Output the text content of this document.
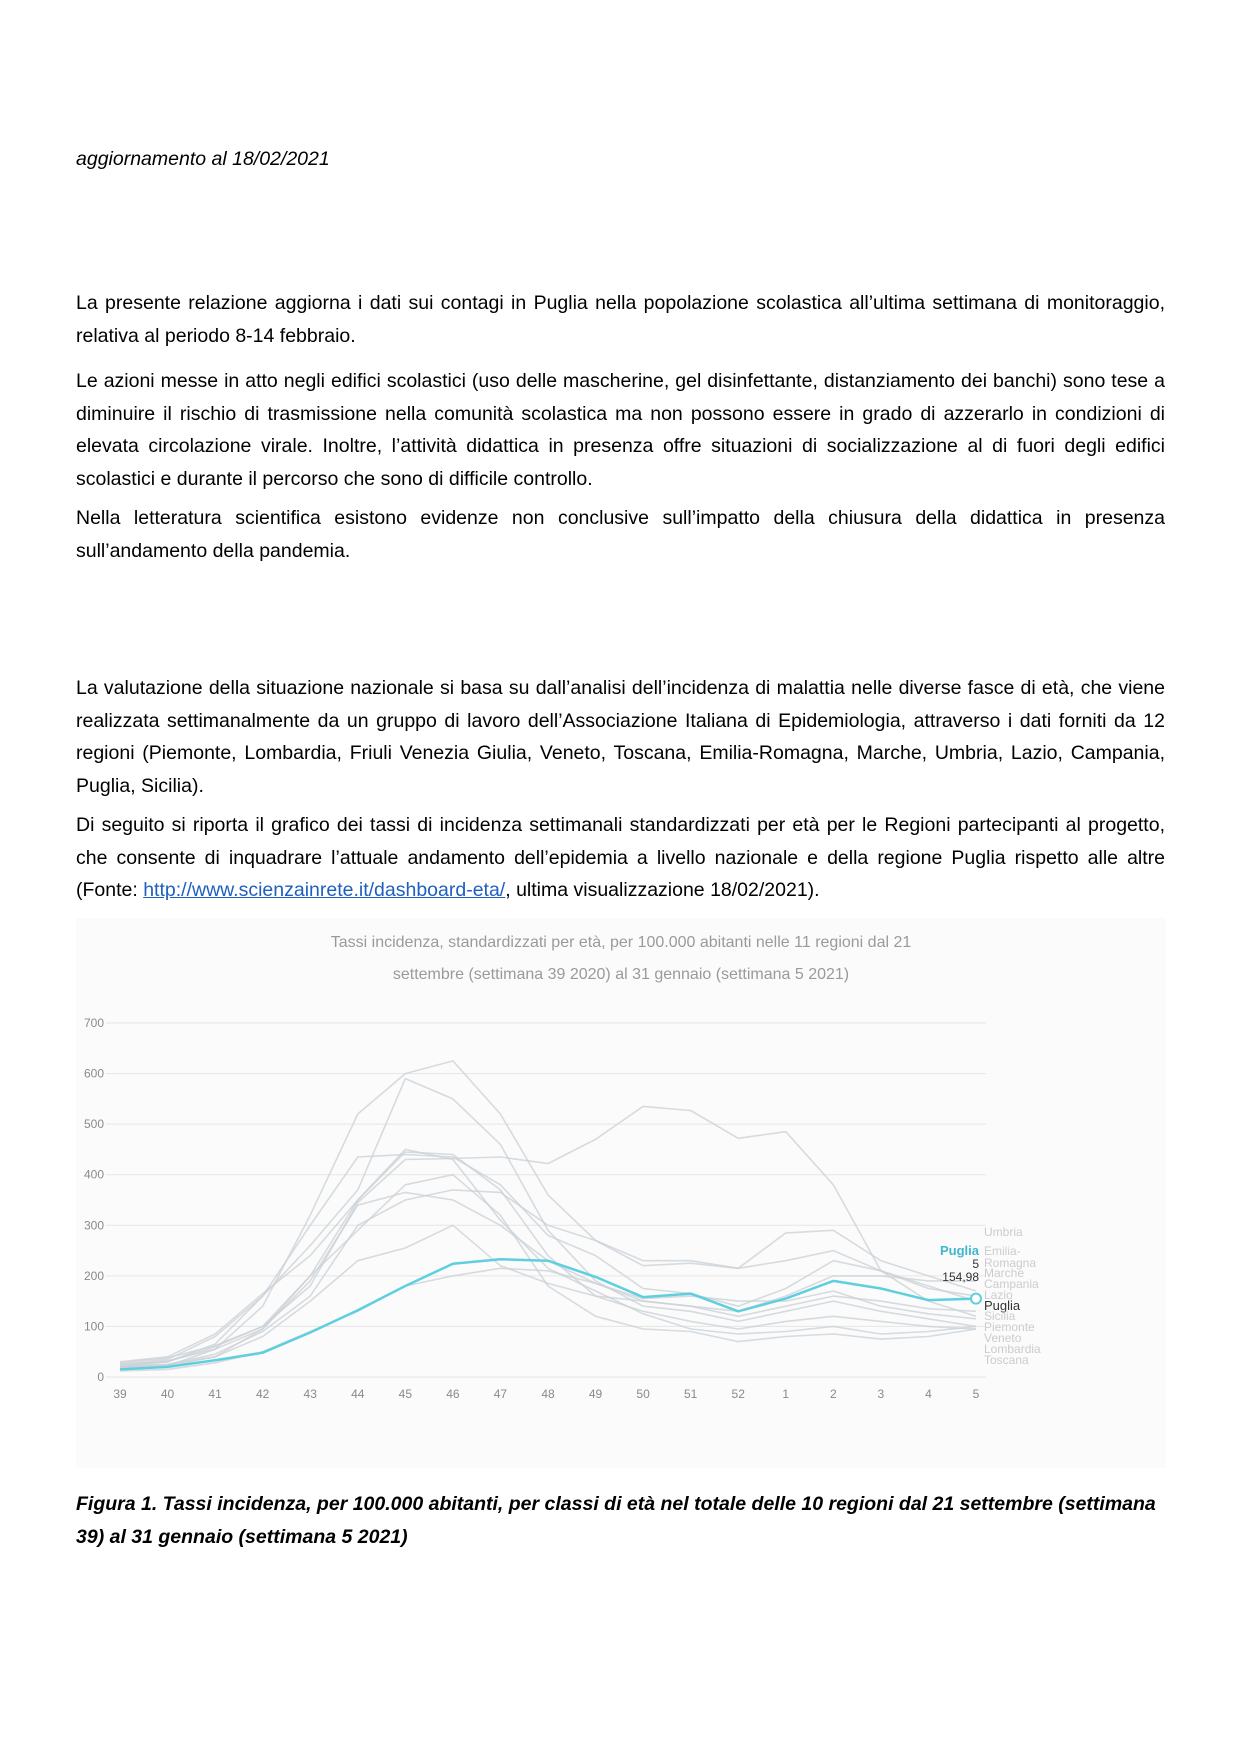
aggiornamento al 18/02/2021

La presente relazione aggiorna i dati sui contagi in Puglia nella popolazione scolastica all’ultima settimana di monitoraggio, relativa al periodo 8-14 febbraio.

Le azioni messe in atto negli edifici scolastici (uso delle mascherine, gel disinfettante, distanziamento dei banchi) sono tese a diminuire il rischio di trasmissione nella comunità scolastica ma non possono essere in grado di azzerarlo in condizioni di elevata circolazione virale. Inoltre, l’attività didattica in presenza offre situazioni di socializzazione al di fuori degli edifici scolastici e durante il percorso che sono di difficile controllo.

Nella letteratura scientifica esistono evidenze non conclusive sull’impatto della chiusura della didattica in presenza sull’andamento della pandemia.

La valutazione della situazione nazionale si basa su dall’analisi dell’incidenza di malattia nelle diverse fasce di età, che viene realizzata settimanalmente da un gruppo di lavoro dell’Associazione Italiana di Epidemiologia, attraverso i dati forniti da 12 regioni (Piemonte, Lombardia, Friuli Venezia Giulia, Veneto, Toscana, Emilia-Romagna, Marche, Umbria, Lazio, Campania, Puglia, Sicilia).

Di seguito si riporta il grafico dei tassi di incidenza settimanali standardizzati per età per le Regioni partecipanti al progetto, che consente di inquadrare l’attuale andamento dell’epidemia a livello nazionale e della regione Puglia rispetto alle altre (Fonte: http://www.scienzainrete.it/dashboard-eta/, ultima visualizzazione 18/02/2021).

Tassi incidenza, standardizzati per età, per 100.000 abitanti nelle 11 regioni dal 21
settembre (settimana 39 2020) al 31 gennaio (settimana 5 2021)
0
100
200
300
400
500
600
700
39	40	41	42	43	44	45	46	47	48	49	50	51	52	1	2	3	4	5
Umbria
Emilia-
Romagna
Marche
Campania
Lazio
Puglia
Sicilia
Piemonte
Veneto
Lombardia
Toscana
Puglia
5
154,98

Figura 1. Tassi incidenza, per 100.000 abitanti, per classi di età nel totale delle 10 regioni dal 21 settembre (settimana 39) al 31 gennaio (settimana 5 2021)
